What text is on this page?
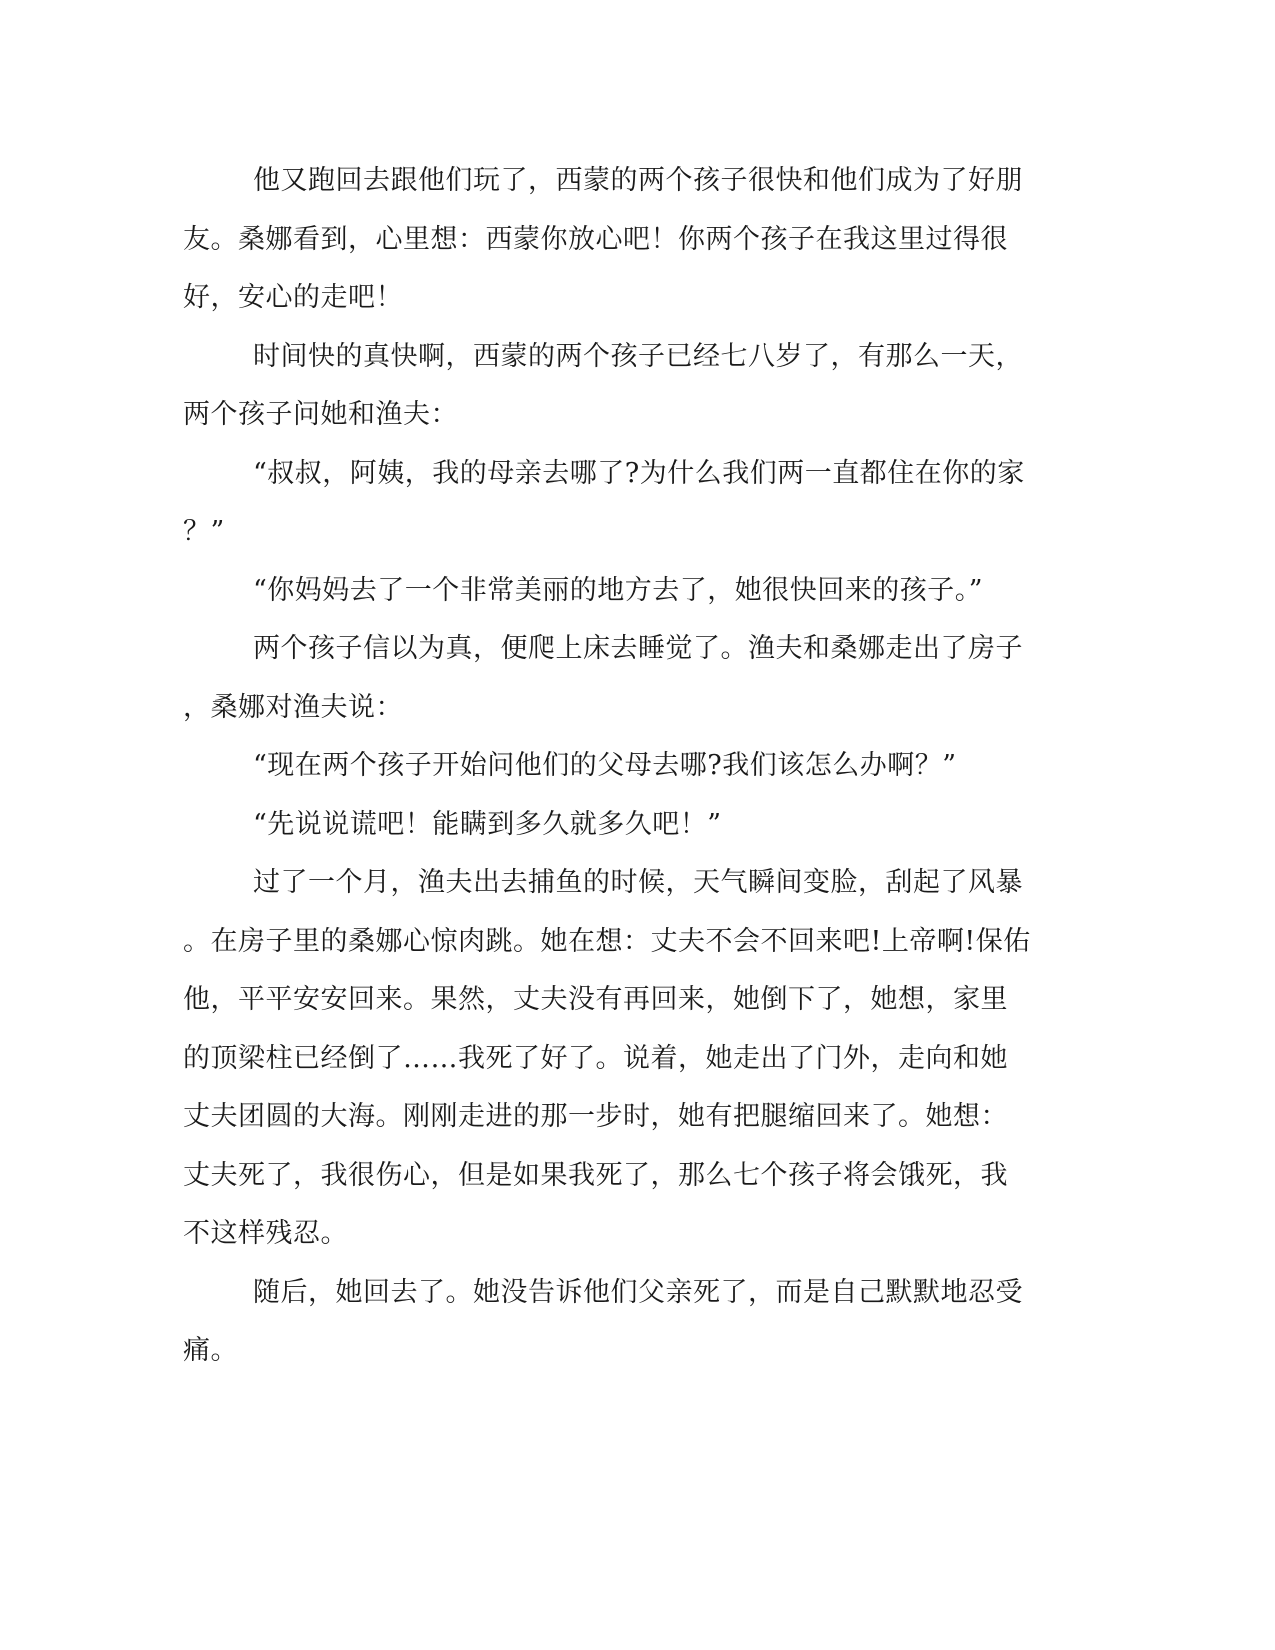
他又跑回去跟他们玩了，西蒙的两个孩子很快和他们成为了好朋
友。桑娜看到，心里想：西蒙你放心吧！你两个孩子在我这里过得很
好，安心的走吧！
时间快的真快啊，西蒙的两个孩子已经七八岁了，有那么一天，
两个孩子问她和渔夫：
“叔叔，阿姨，我的母亲去哪了?为什么我们两一直都住在你的家
？”
“你妈妈去了一个非常美丽的地方去了，她很快回来的孩子。”
两个孩子信以为真，便爬上床去睡觉了。渔夫和桑娜走出了房子
，桑娜对渔夫说：
“现在两个孩子开始问他们的父母去哪?我们该怎么办啊？”
“先说说谎吧！能瞒到多久就多久吧！”
过了一个月，渔夫出去捕鱼的时候，天气瞬间变脸，刮起了风暴
。在房子里的桑娜心惊肉跳。她在想：丈夫不会不回来吧!上帝啊!保佑
他，平平安安回来。果然，丈夫没有再回来，她倒下了，她想，家里
的顶梁柱已经倒了……我死了好了。说着，她走出了门外，走向和她
丈夫团圆的大海。刚刚走进的那一步时，她有把腿缩回来了。她想：
丈夫死了，我很伤心，但是如果我死了，那么七个孩子将会饿死，我
不这样残忍。
随后，她回去了。她没告诉他们父亲死了，而是自己默默地忍受
痛。
